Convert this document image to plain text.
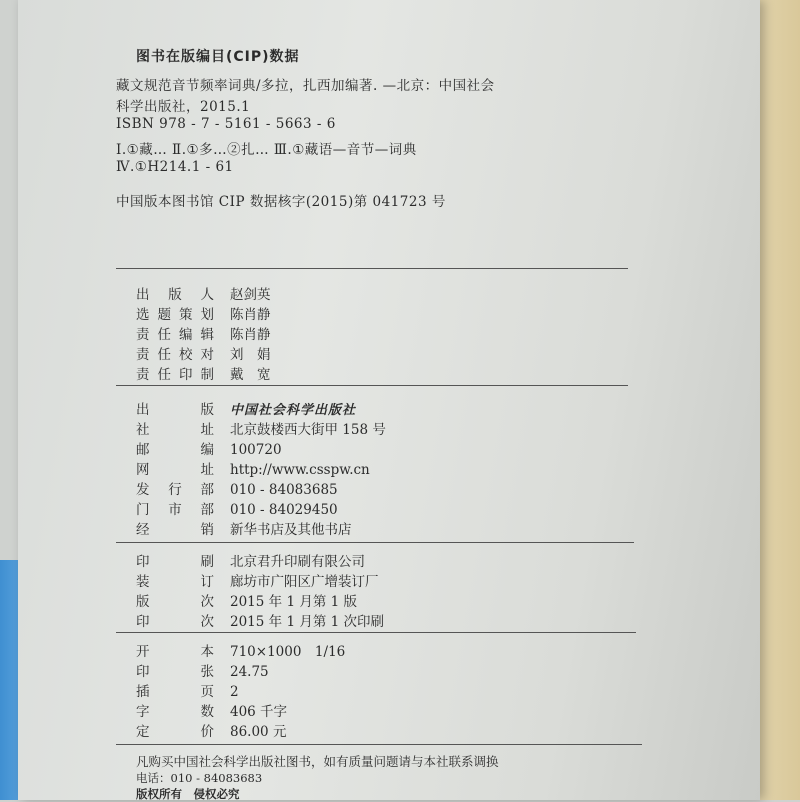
图书在版编目(CIP)数据
藏文规范音节频率词典/多拉，扎西加编著. —北京：中国社会
科学出版社，2015.1
ISBN 978 - 7 - 5161 - 5663 - 6
Ⅰ.①藏… Ⅱ.①多…②扎… Ⅲ.①藏语—音节—词典
Ⅳ.①H214.1 - 61
中国版本图书馆 CIP 数据核字(2015)第 041723 号
出版人 赵剑英
选题策划 陈肖静
责任编辑 陈肖静
责任校对 刘　娟
责任印制 戴　宽
出版 中国社会科学出版社
社址 北京鼓楼西大街甲 158 号
邮编 100720
网址 http://www.csspw.cn
发行部 010 - 84083685
门市部 010 - 84029450
经销 新华书店及其他书店
印刷 北京君升印刷有限公司
装订 廊坊市广阳区广增装订厂
版次 2015 年 1 月第 1 版
印次 2015 年 1 月第 1 次印刷
开本 710×1000　1/16
印张 24.75
插页 2
字数 406 千字
定价 86.00 元
凡购买中国社会科学出版社图书，如有质量问题请与本社联系调换
电话：010 - 84083683
版权所有　侵权必究
